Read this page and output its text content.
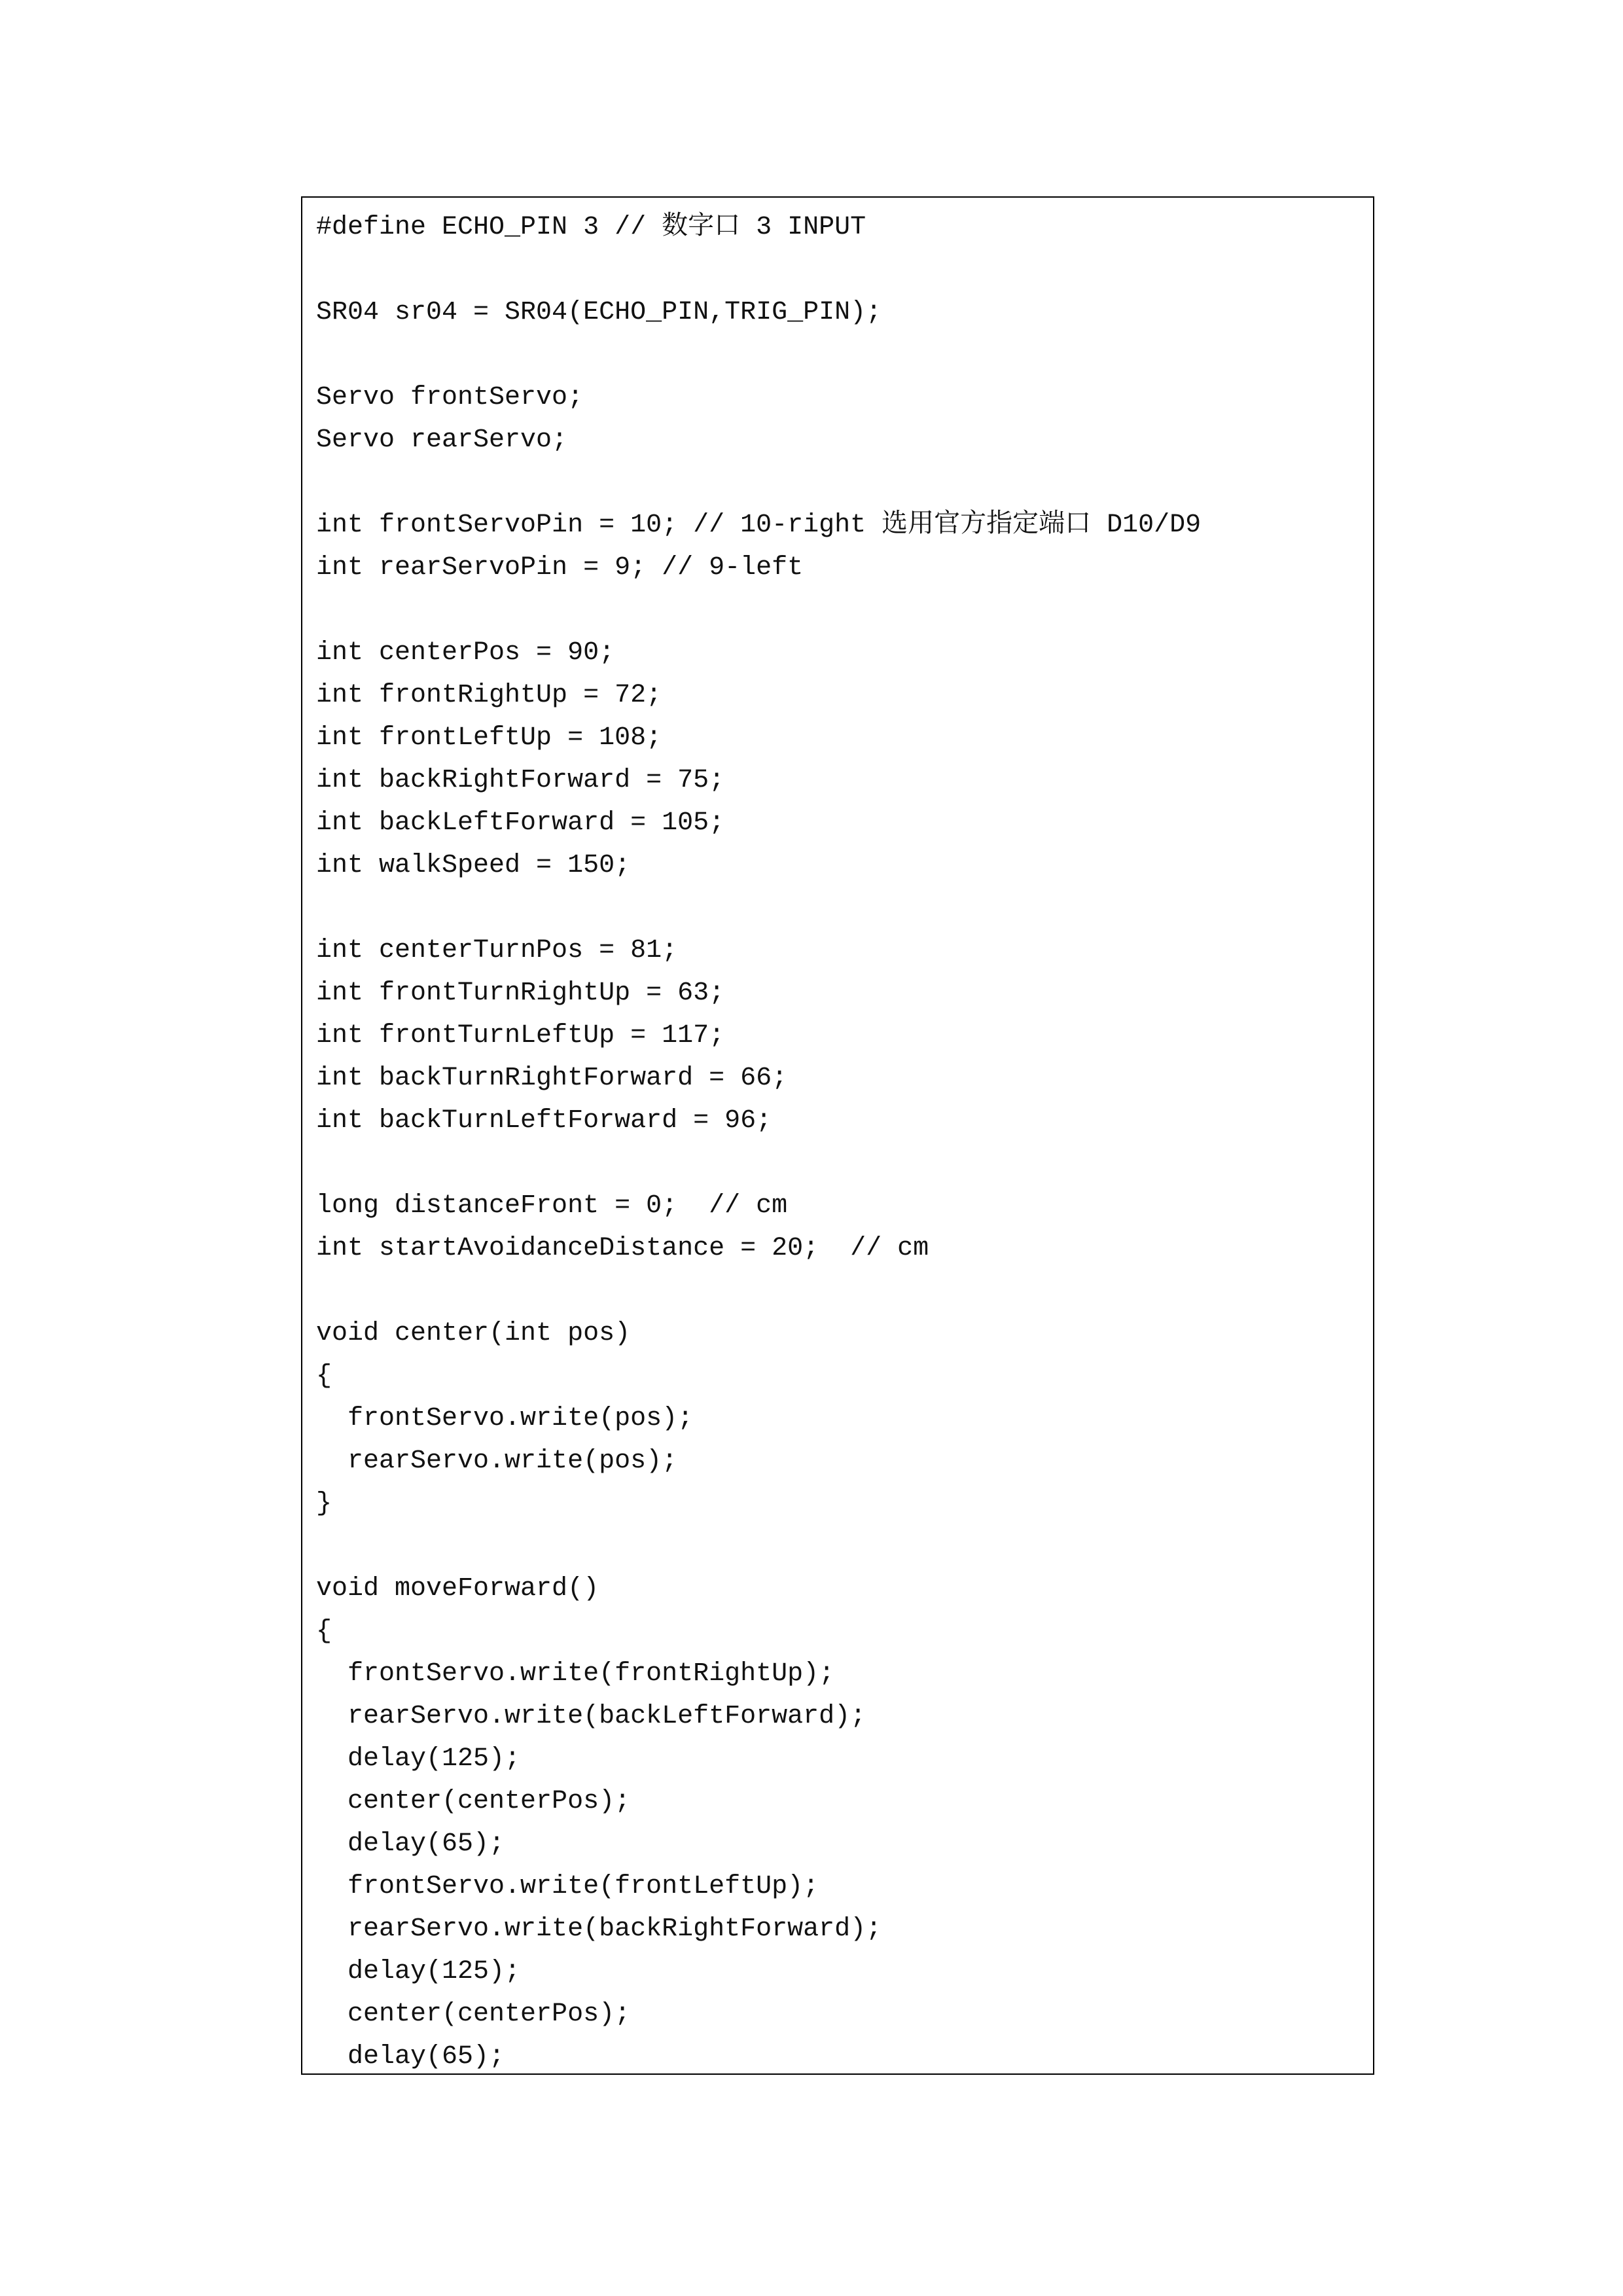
#define ECHO_PIN 3 // 数字口 3 INPUT
SR04 sr04 = SR04(ECHO_PIN,TRIG_PIN);
Servo frontServo;
Servo rearServo;
int frontServoPin = 10; // 10-right 选用官方指定端口 D10/D9
int rearServoPin = 9; // 9-left
int centerPos = 90;
int frontRightUp = 72;
int frontLeftUp = 108;
int backRightForward = 75;
int backLeftForward = 105;
int walkSpeed = 150;
int centerTurnPos = 81;
int frontTurnRightUp = 63;
int frontTurnLeftUp = 117;
int backTurnRightForward = 66;
int backTurnLeftForward = 96;
long distanceFront = 0;  // cm
int startAvoidanceDistance = 20;  // cm
void center(int pos)
{
frontServo.write(pos);
rearServo.write(pos);
}
void moveForward()
{
frontServo.write(frontRightUp);
rearServo.write(backLeftForward);
delay(125);
center(centerPos);
delay(65);
frontServo.write(frontLeftUp);
rearServo.write(backRightForward);
delay(125);
center(centerPos);
delay(65);
